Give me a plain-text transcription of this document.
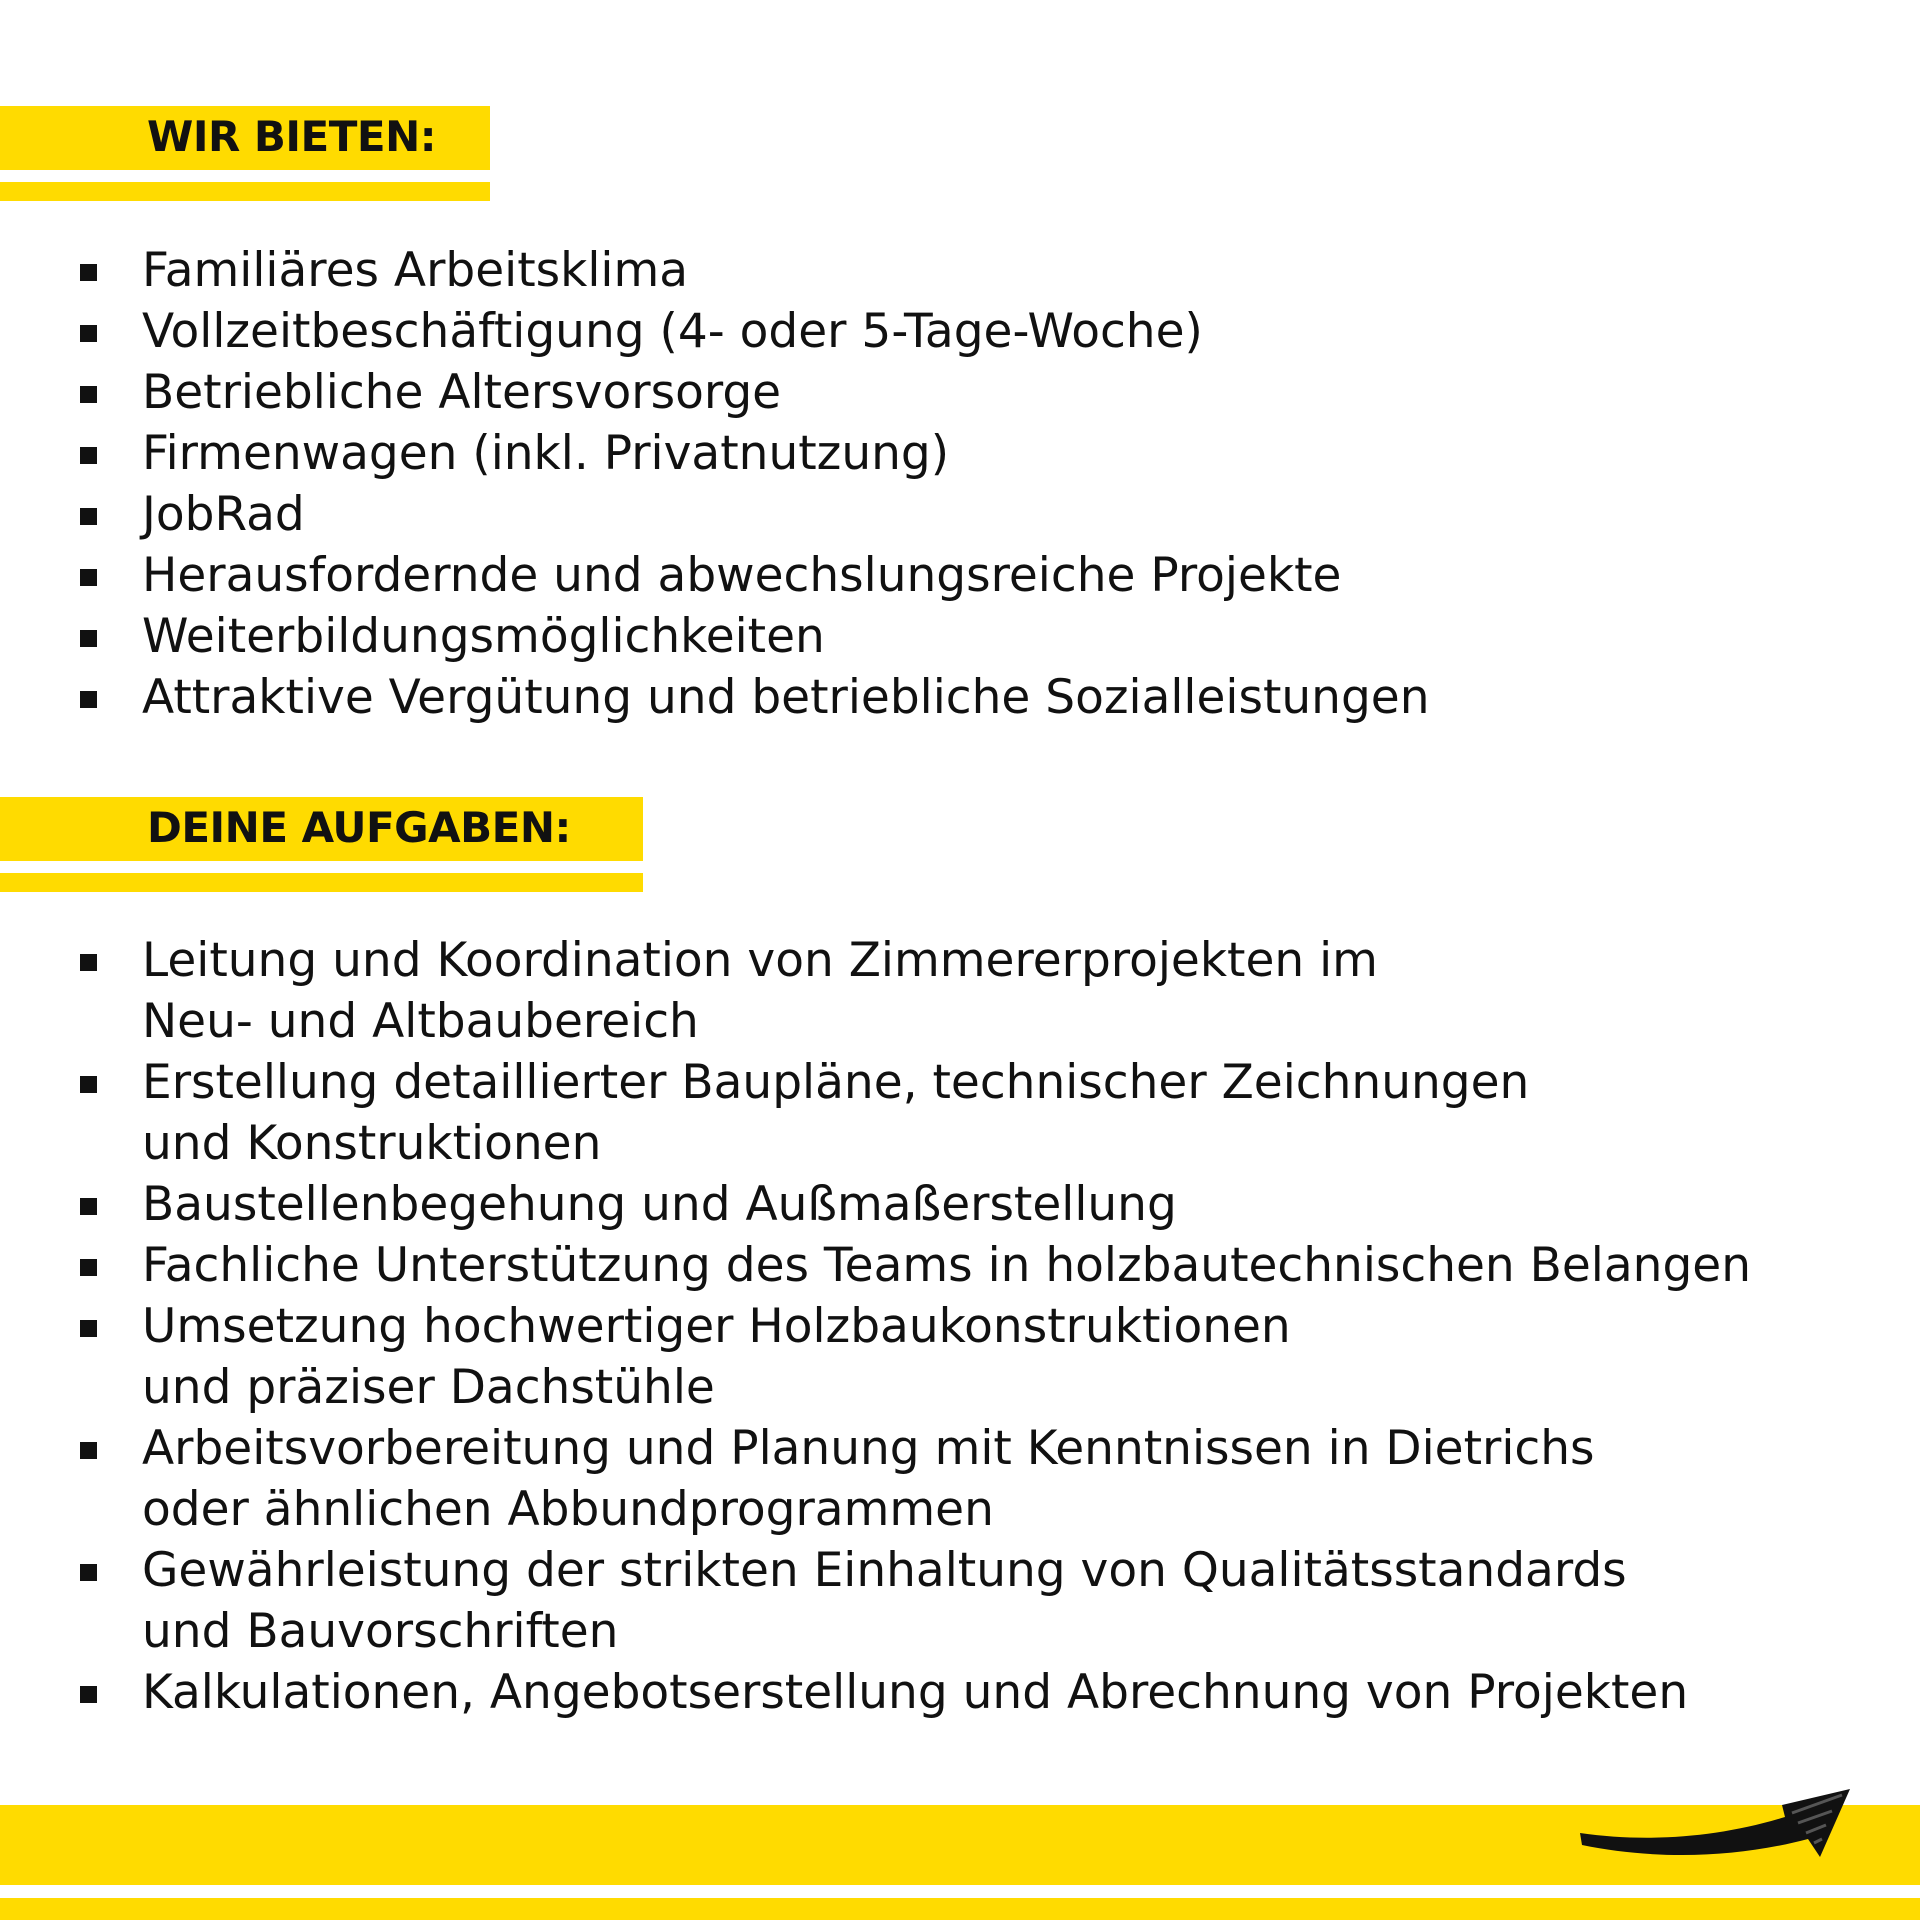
WIR BIETEN:
Familiäres Arbeitsklima
Vollzeitbeschäftigung (4- oder 5-Tage-Woche)
Betriebliche Altersvorsorge
Firmenwagen (inkl. Privatnutzung)
JobRad
Herausfordernde und abwechslungsreiche Projekte
Weiterbildungsmöglichkeiten
Attraktive Vergütung und betriebliche Sozialleistungen
DEINE AUFGABEN:
Leitung und Koordination von Zimmererprojekten im
Neu- und Altbaubereich
Erstellung detaillierter Baupläne, technischer Zeichnungen
und Konstruktionen
Baustellenbegehung und Außmaßerstellung
Fachliche Unterstützung des Teams in holzbautechnischen Belangen
Umsetzung hochwertiger Holzbaukonstruktionen
und präziser Dachstühle
Arbeitsvorbereitung und Planung mit Kenntnissen in Dietrichs
oder ähnlichen Abbundprogrammen
Gewährleistung der strikten Einhaltung von Qualitätsstandards
und Bauvorschriften
Kalkulationen, Angebotserstellung und Abrechnung von Projekten
